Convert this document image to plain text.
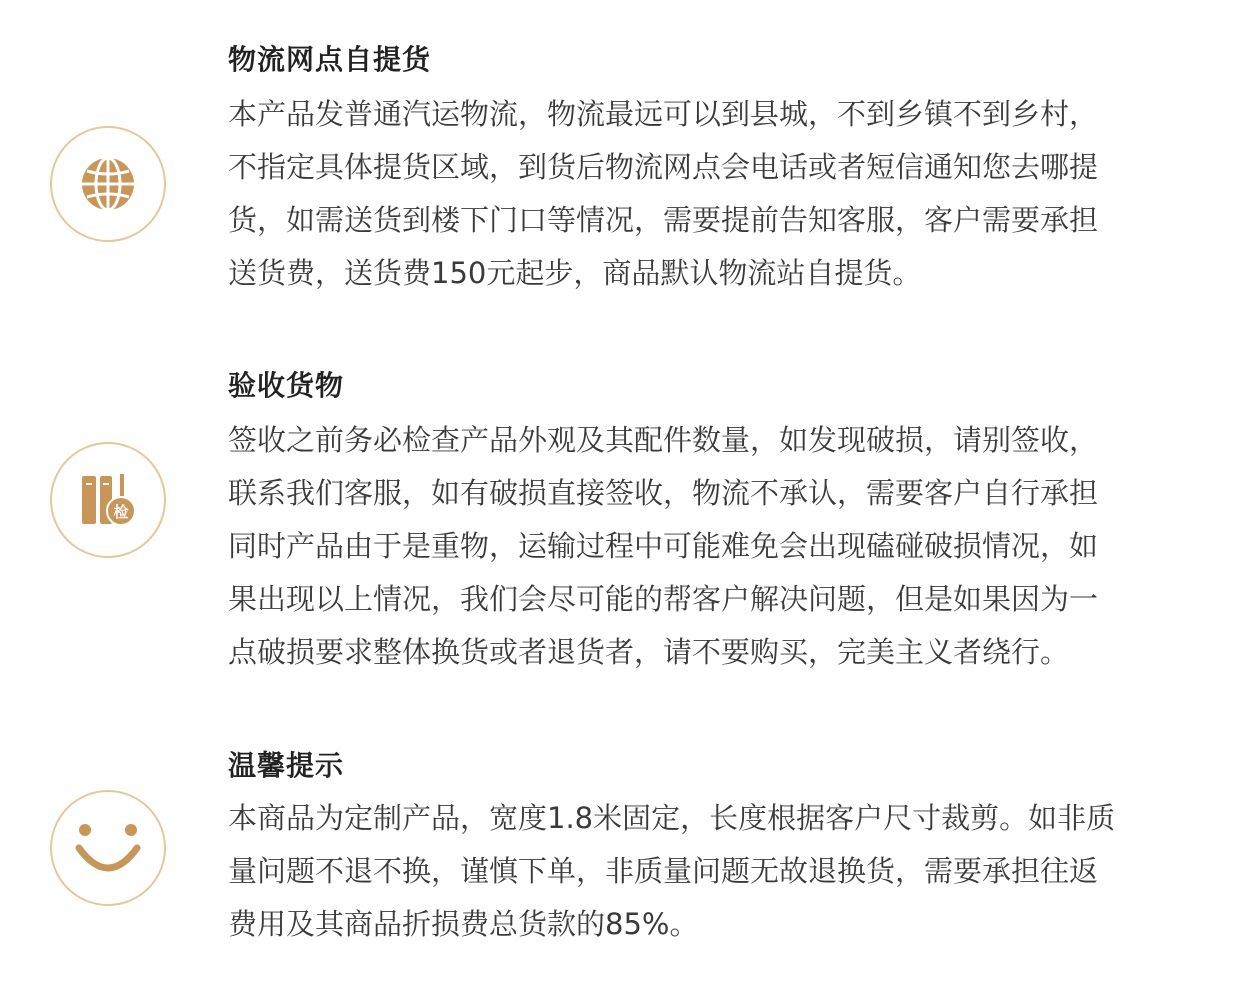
物流网点自提货

本产品发普通汽运物流，物流最远可以到县城，不到乡镇不到乡村，

不指定具体提货区域，到货后物流网点会电话或者短信通知您去哪提

货，如需送货到楼下门口等情况，需要提前告知客服，客户需要承担

送货费，送货费150元起步，商品默认物流站自提货。

检
验收货物

签收之前务必检查产品外观及其配件数量，如发现破损，请别签收，

联系我们客服，如有破损直接签收，物流不承认，需要客户自行承担

同时产品由于是重物，运输过程中可能难免会出现磕碰破损情况，如

果出现以上情况，我们会尽可能的帮客户解决问题，但是如果因为一

点破损要求整体换货或者退货者，请不要购买，完美主义者绕行。

温馨提示

本商品为定制产品，宽度1.8米固定，长度根据客户尺寸裁剪。如非质

量问题不退不换，谨慎下单，非质量问题无故退换货，需要承担往返

费用及其商品折损费总货款的85%。
